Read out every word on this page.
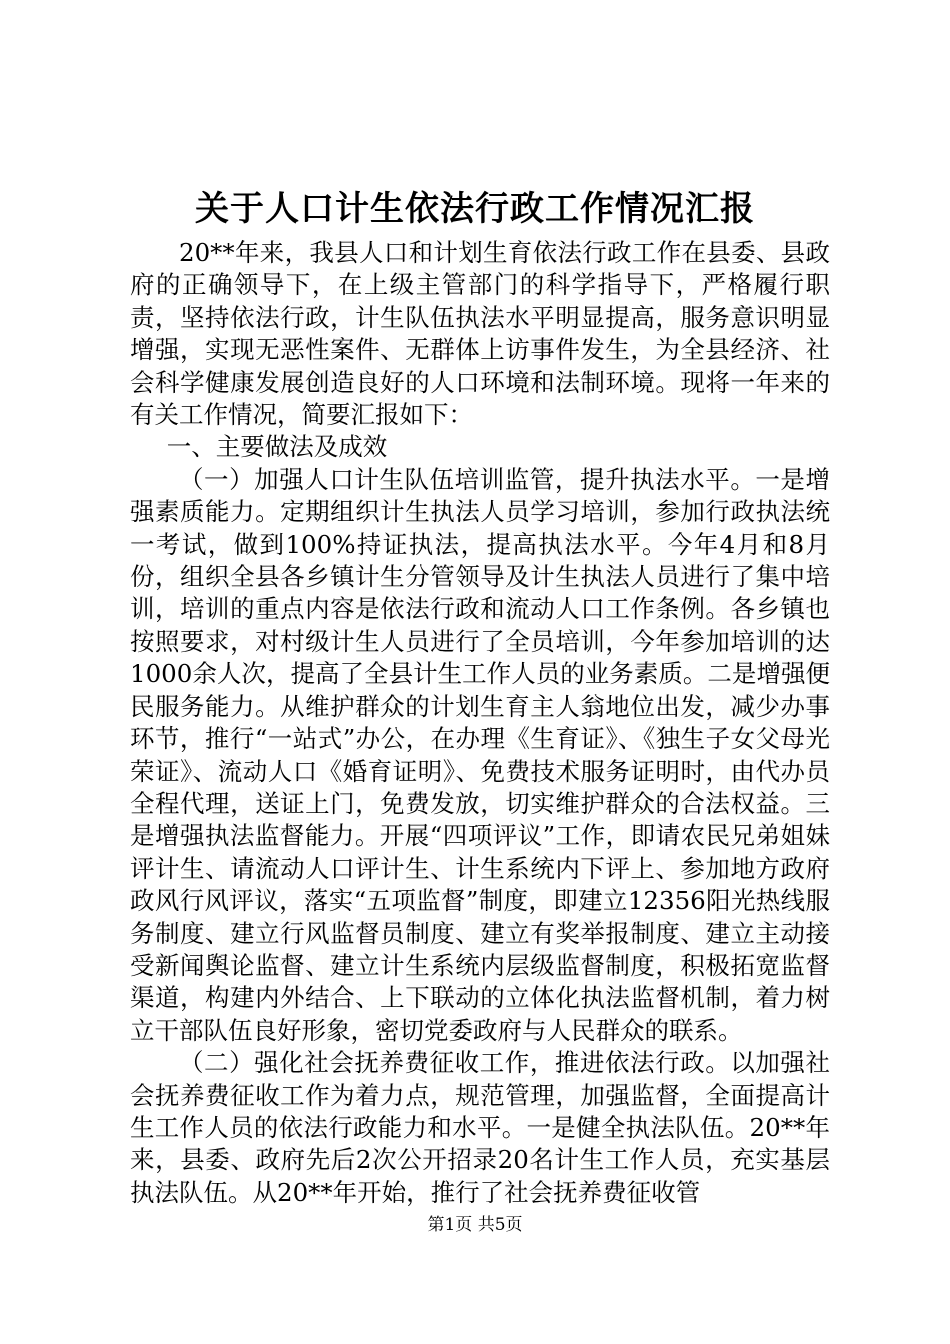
关于人口计生依法行政工作情况汇报

20**年来，我县人口和计划生育依法行政工作在县委、县政府的正确领导下，在上级主管部门的科学指导下，严格履行职责，坚持依法行政，计生队伍执法水平明显提高，服务意识明显增强，实现无恶性案件、无群体上访事件发生，为全县经济、社会科学健康发展创造良好的人口环境和法制环境。现将一年来的有关工作情况，简要汇报如下：

一、主要做法及成效

（一）加强人口计生队伍培训监管，提升执法水平。一是增强素质能力。定期组织计生执法人员学习培训，参加行政执法统一考试，做到100%持证执法，提高执法水平。今年4月和8月份，组织全县各乡镇计生分管领导及计生执法人员进行了集中培训，培训的重点内容是依法行政和流动人口工作条例。各乡镇也按照要求，对村级计生人员进行了全员培训，今年参加培训的达1000余人次，提高了全县计生工作人员的业务素质。二是增强便民服务能力。从维护群众的计划生育主人翁地位出发，减少办事环节，推行“一站式”办公，在办理《生育证》、《独生子女父母光荣证》、流动人口《婚育证明》、免费技术服务证明时，由代办员全程代理，送证上门，免费发放，切实维护群众的合法权益。三是增强执法监督能力。开展“四项评议”工作，即请农民兄弟姐妹评计生、请流动人口评计生、计生系统内下评上、参加地方政府政风行风评议，落实“五项监督”制度，即建立12356阳光热线服务制度、建立行风监督员制度、建立有奖举报制度、建立主动接受新闻舆论监督、建立计生系统内层级监督制度，积极拓宽监督渠道，构建内外结合、上下联动的立体化执法监督机制，着力树立干部队伍良好形象，密切党委政府与人民群众的联系。

（二）强化社会抚养费征收工作，推进依法行政。以加强社会抚养费征收工作为着力点，规范管理，加强监督，全面提高计生工作人员的依法行政能力和水平。一是健全执法队伍。20**年来，县委、政府先后2次公开招录20名计生工作人员，充实基层执法队伍。从20**年开始，推行了社会抚养费征收管

第1页 共5页
